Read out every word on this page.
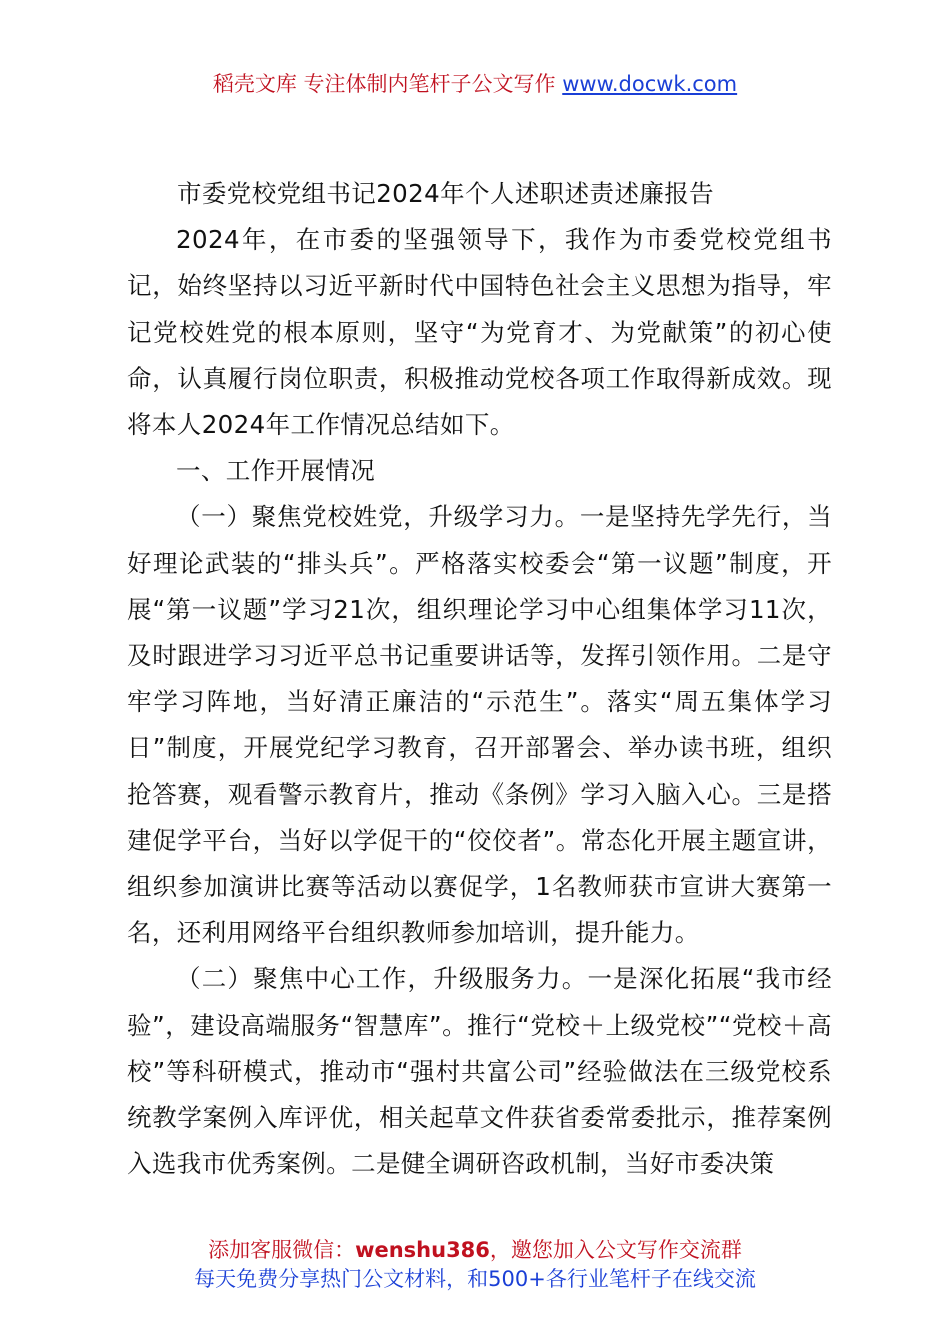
稻壳文库 专注体制内笔杆子公文写作 www.docwk.com

市委党校党组书记2024年个人述职述责述廉报告

2024年，在市委的坚强领导下，我作为市委党校党组书记，始终坚持以习近平新时代中国特色社会主义思想为指导，牢记党校姓党的根本原则，坚守“为党育才、为党献策”的初心使命，认真履行岗位职责，积极推动党校各项工作取得新成效。现将本人2024年工作情况总结如下。

一、工作开展情况

（一）聚焦党校姓党，升级学习力。一是坚持先学先行，当好理论武装的“排头兵”。严格落实校委会“第一议题”制度，开展“第一议题”学习21次，组织理论学习中心组集体学习11次，及时跟进学习习近平总书记重要讲话等，发挥引领作用。二是守牢学习阵地，当好清正廉洁的“示范生”。落实“周五集体学习日”制度，开展党纪学习教育，召开部署会、举办读书班，组织抢答赛，观看警示教育片，推动《条例》学习入脑入心。三是搭建促学平台，当好以学促干的“佼佼者”。常态化开展主题宣讲，组织参加演讲比赛等活动以赛促学，1名教师获市宣讲大赛第一名，还利用网络平台组织教师参加培训，提升能力。

（二）聚焦中心工作，升级服务力。一是深化拓展“我市经验”，建设高端服务“智慧库”。推行“党校＋上级党校”“党校＋高校”等科研模式，推动市“强村共富公司”经验做法在三级党校系统教学案例入库评优，相关起草文件获省委常委批示，推荐案例入选我市优秀案例。二是健全调研咨政机制，当好市委决策

添加客服微信：wenshu386，邀您加入公文写作交流群
每天免费分享热门公文材料，和500+各行业笔杆子在线交流
